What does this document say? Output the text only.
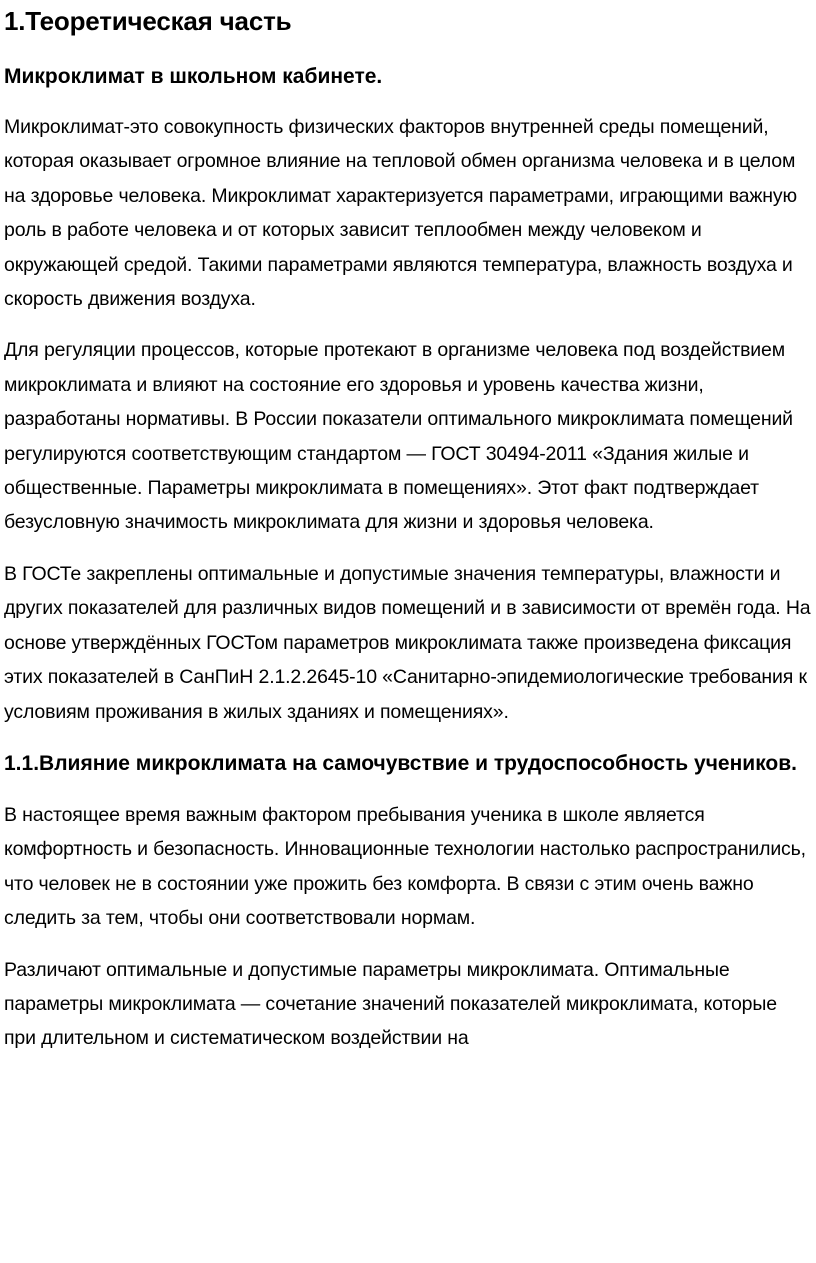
1.Теоретическая часть
Микроклимат в школьном кабинете.
Микроклимат-это совокупность физических факторов внутренней среды помещений, которая оказывает огромное влияние на тепловой обмен организма человека и в целом на здоровье человека. Микроклимат характеризуется параметрами, играющими важную роль в работе человека и от которых зависит теплообмен между человеком и окружающей средой. Такими параметрами являются температура, влажность воздуха и скорость движения воздуха.
Для регуляции процессов, которые протекают в организме человека под воздействием микроклимата и влияют на состояние его здоровья и уровень качества жизни, разработаны нормативы. В России показатели оптимального микроклимата помещений регулируются соответствующим стандартом — ГОСТ 30494-2011 «Здания жилые и общественные. Параметры микроклимата в помещениях». Этот факт подтверждает безусловную значимость микроклимата для жизни и здоровья человека.
В ГОСТе закреплены оптимальные и допустимые значения температуры, влажности и других показателей для различных видов помещений и в зависимости от времён года. На основе утверждённых ГОСТом параметров микроклимата также произведена фиксация этих показателей в СанПиН 2.1.2.2645-10 «Санитарно-эпидемиологические требования к условиям проживания в жилых зданиях и помещениях».
1.1.Влияние микроклимата на самочувствие и трудоспособность учеников.
В настоящее время важным фактором пребывания ученика в школе является комфортность и безопасность. Инновационные технологии настолько распространились, что человек не в состоянии уже прожить без комфорта. В связи с этим очень важно следить за тем, чтобы они соответствовали нормам.
Различают оптимальные и допустимые параметры микроклимата. Оптимальные параметры микроклимата — сочетание значений показателей микроклимата, которые при длительном и систематическом воздействии на
